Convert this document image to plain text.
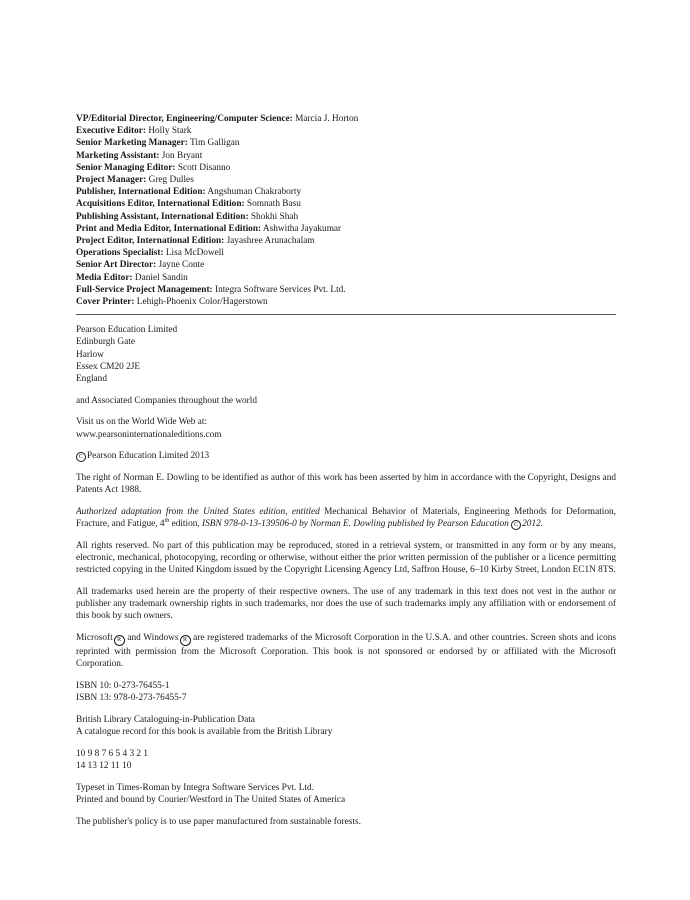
VP/Editorial Director, Engineering/Computer Science: Marcia J. Horton
Executive Editor: Holly Stark
Senior Marketing Manager: Tim Galligan
Marketing Assistant: Jon Bryant
Senior Managing Editor: Scott Disanno
Project Manager: Greg Dulles
Publisher, International Edition: Angshuman Chakraborty
Acquisitions Editor, International Edition: Somnath Basu
Publishing Assistant, International Edition: Shokhi Shah
Print and Media Editor, International Edition: Ashwitha Jayakumar
Project Editor, International Edition: Jayashree Arunachalam
Operations Specialist: Lisa McDowell
Senior Art Director: Jayne Conte
Media Editor: Daniel Sandin
Full-Service Project Management: Integra Software Services Pvt. Ltd.
Cover Printer: Lehigh-Phoenix Color/Hagerstown

Pearson Education Limited
Edinburgh Gate
Harlow
Essex CM20 2JE
England

and Associated Companies throughout the world

Visit us on the World Wide Web at:
www.pearsoninternationaleditions.com

C Pearson Education Limited 2013

The right of Norman E. Dowling to be identified as author of this work has been asserted by him in accordance with the Copyright, Designs and Patents Act 1988.

Authorized adaptation from the United States edition, entitled Mechanical Behavior of Materials, Engineering Methods for Deformation, Fracture, and Fatigue, 4th edition, ISBN 978-0-13-139506-0 by Norman E. Dowling published by Pearson Education C 2012.

All rights reserved. No part of this publication may be reproduced, stored in a retrieval system, or transmitted in any form or by any means, electronic, mechanical, photocopying, recording or otherwise, without either the prior written permission of the publisher or a licence permitting restricted copying in the United Kingdom issued by the Copyright Licensing Agency Ltd, Saffron House, 6–10 Kirby Street, London EC1N 8TS.

All trademarks used herein are the property of their respective owners. The use of any trademark in this text does not vest in the author or publisher any trademark ownership rights in such trademarks, nor does the use of such trademarks imply any affiliation with or endorsement of this book by such owners.

Microsoft R and Windows R are registered trademarks of the Microsoft Corporation in the U.S.A. and other countries. Screen shots and icons reprinted with permission from the Microsoft Corporation. This book is not sponsored or endorsed by or affiliated with the Microsoft Corporation.

ISBN 10: 0-273-76455-1
ISBN 13: 978-0-273-76455-7

British Library Cataloguing-in-Publication Data
A catalogue record for this book is available from the British Library

10 9 8 7 6 5 4 3 2 1
14 13 12 11 10

Typeset in Times-Roman by Integra Software Services Pvt. Ltd.
Printed and bound by Courier/Westford in The United States of America

The publisher's policy is to use paper manufactured from sustainable forests.
